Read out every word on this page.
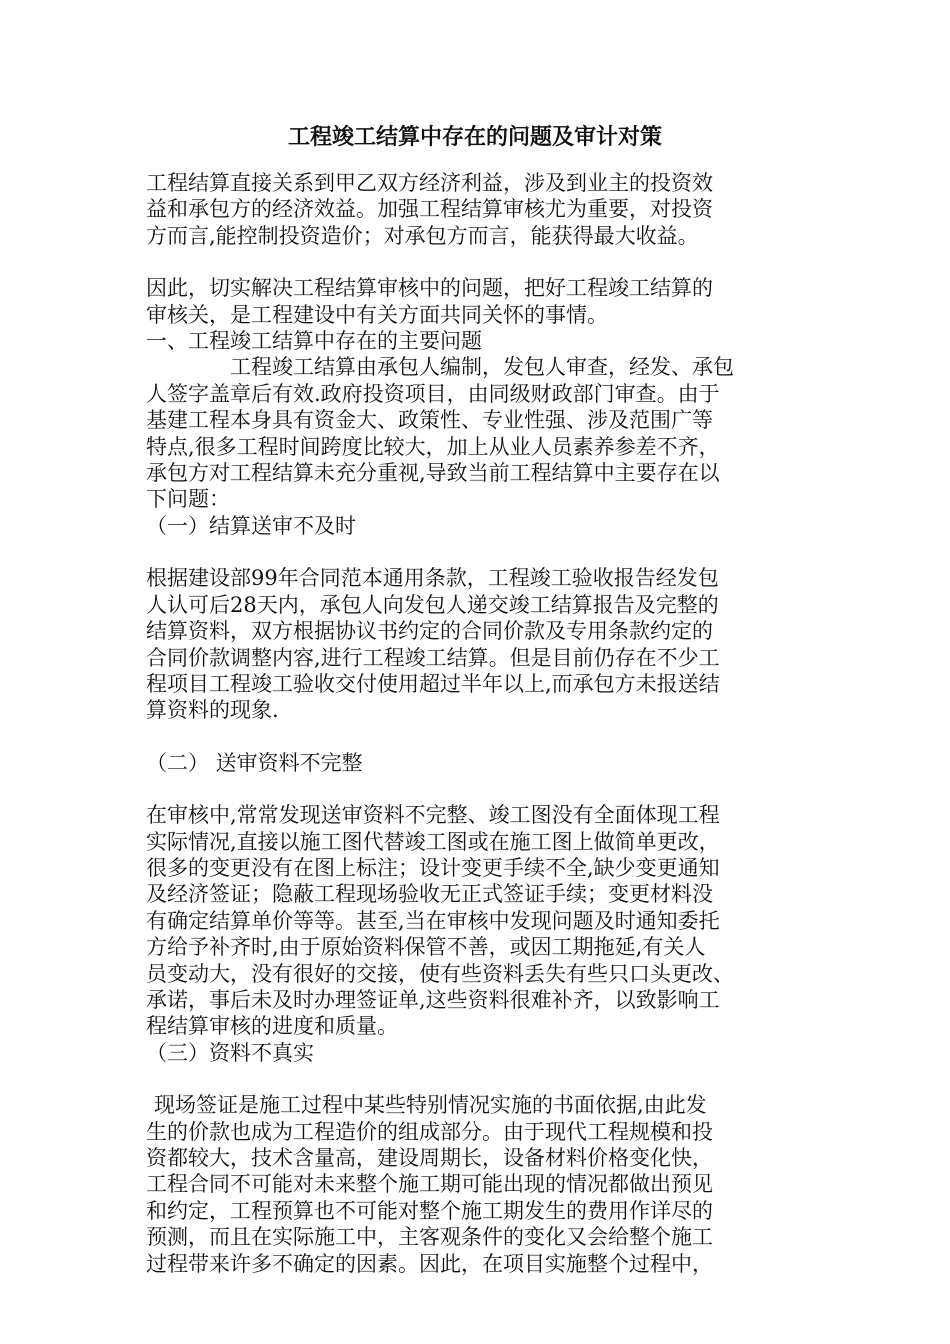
工程竣工结算中存在的问题及审计对策

工程结算直接关系到甲乙双方经济利益，涉及到业主的投资效

益和承包方的经济效益。加强工程结算审核尤为重要，对投资

方而言,能控制投资造价；对承包方而言，能获得最大收益。

因此，切实解决工程结算审核中的问题，把好工程竣工结算的

审核关，是工程建设中有关方面共同关怀的事情。

一、工程竣工结算中存在的主要问题

工程竣工结算由承包人编制，发包人审查，经发、承包

人签字盖章后有效.政府投资项目，由同级财政部门审查。由于

基建工程本身具有资金大、政策性、专业性强、涉及范围广等

特点,很多工程时间跨度比较大，加上从业人员素养参差不齐，

承包方对工程结算未充分重视,导致当前工程结算中主要存在以

下问题：

（一）结算送审不及时

根据建设部99年合同范本通用条款，工程竣工验收报告经发包

人认可后28天内，承包人向发包人递交竣工结算报告及完整的

结算资料，双方根据协议书约定的合同价款及专用条款约定的

合同价款调整内容,进行工程竣工结算。但是目前仍存在不少工

程项目工程竣工验收交付使用超过半年以上,而承包方未报送结

算资料的现象.

（二） 送审资料不完整

在审核中,常常发现送审资料不完整、竣工图没有全面体现工程

实际情况,直接以施工图代替竣工图或在施工图上做简单更改，

很多的变更没有在图上标注；设计变更手续不全,缺少变更通知

及经济签证；隐蔽工程现场验收无正式签证手续；变更材料没

有确定结算单价等等。甚至,当在审核中发现问题及时通知委托

方给予补齐时,由于原始资料保管不善，或因工期拖延,有关人

员变动大，没有很好的交接，使有些资料丢失有些只口头更改、

承诺，事后未及时办理签证单,这些资料很难补齐，以致影响工

程结算审核的进度和质量。

（三）资料不真实

现场签证是施工过程中某些特别情况实施的书面依据,由此发

生的价款也成为工程造价的组成部分。由于现代工程规模和投

资都较大，技术含量高，建设周期长，设备材料价格变化快，

工程合同不可能对未来整个施工期可能出现的情况都做出预见

和约定，工程预算也不可能对整个施工期发生的费用作详尽的

预测，而且在实际施工中，主客观条件的变化又会给整个施工

过程带来许多不确定的因素。因此，在项目实施整个过程中，
